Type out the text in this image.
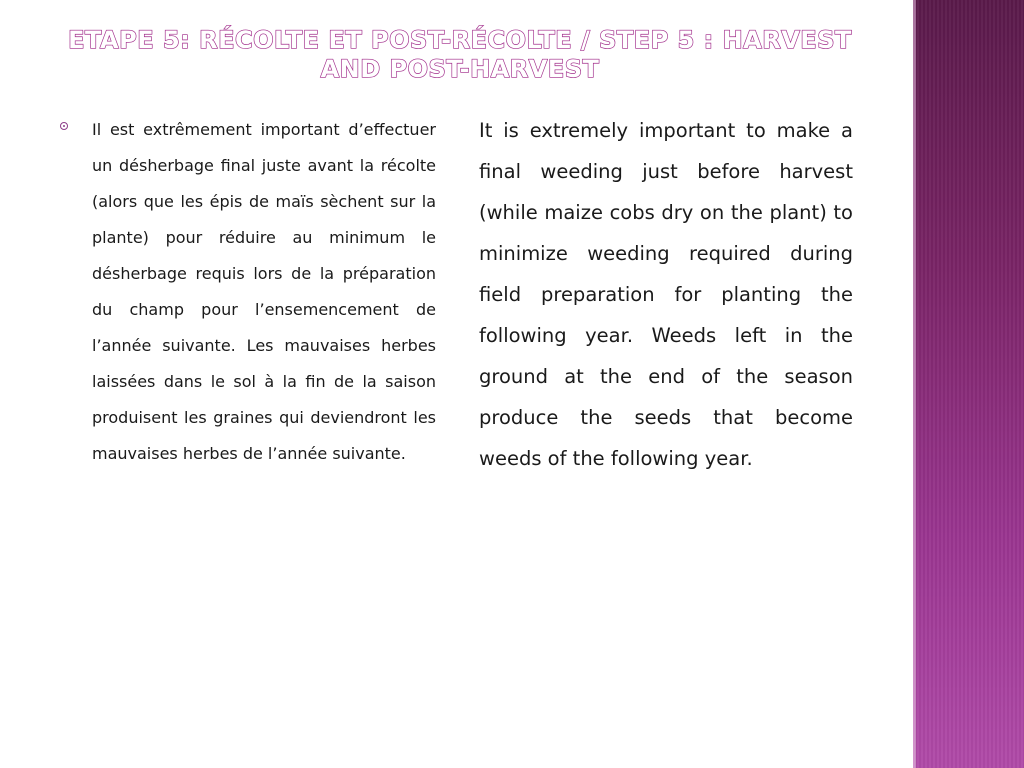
ETAPE 5: RÉCOLTE ET POST-RÉCOLTE / STEP 5 : HARVEST AND POST-HARVEST

Il est extrêmement important d’effectuer un désherbage final juste avant la récolte (alors que les épis de maïs sèchent sur la plante) pour réduire au minimum le désherbage requis lors de la préparation du champ pour l’ensemencement de l’année suivante. Les mauvaises herbes laissées dans le sol à la fin de la saison produisent les graines qui deviendront les mauvaises herbes de l’année suivante.

It is extremely important to make a final weeding just before harvest (while maize cobs dry on the plant) to minimize weeding required during field preparation for planting the following year. Weeds left in the ground at the end of the season produce the seeds that become weeds of the following year.
